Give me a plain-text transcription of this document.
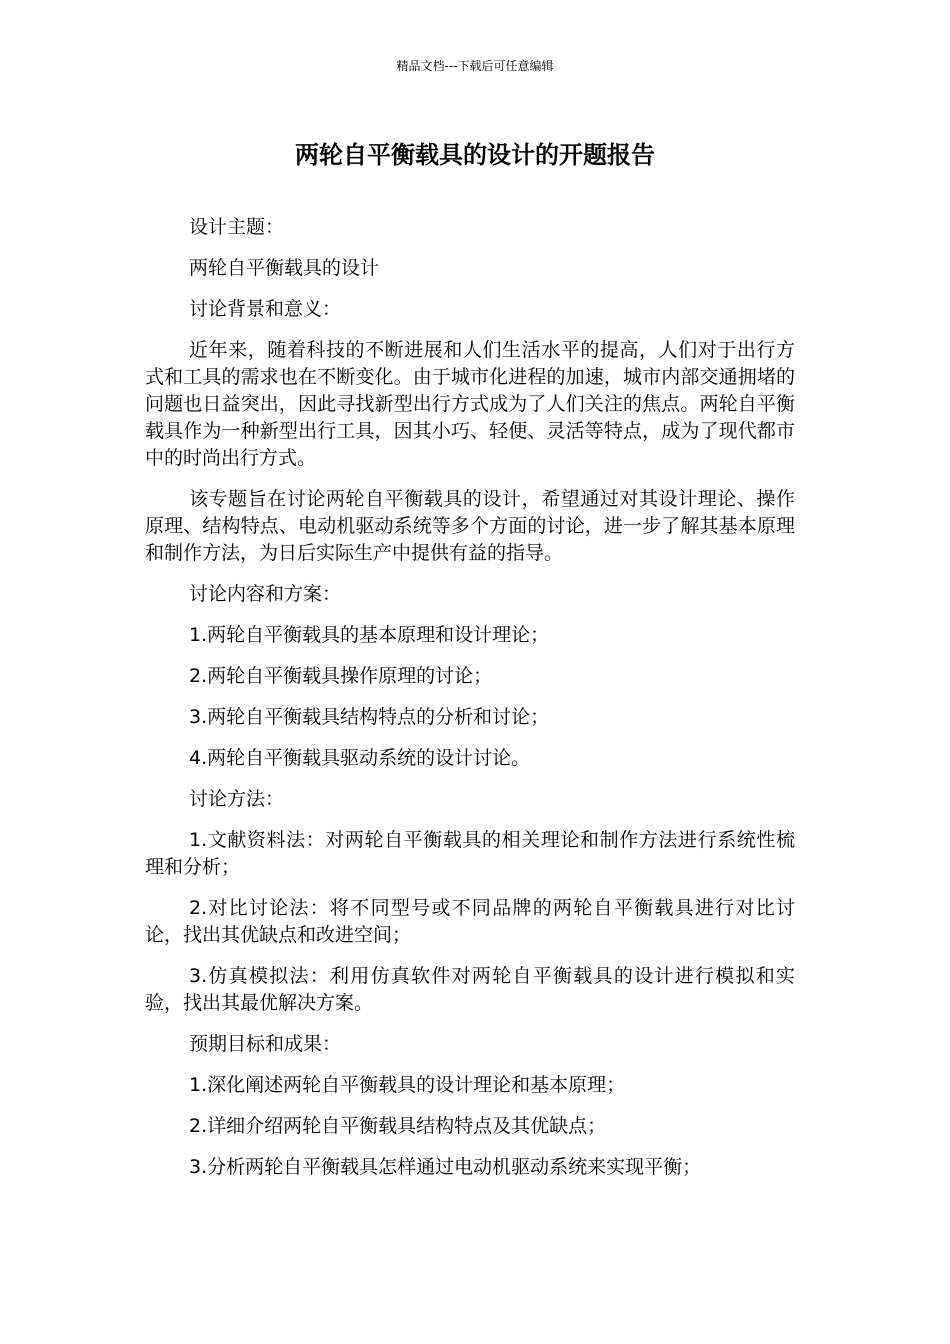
精品文档---下载后可任意编辑
两轮自平衡载具的设计的开题报告

设计主题：

两轮自平衡载具的设计

讨论背景和意义：

近年来，随着科技的不断进展和人们生活水平的提高，人们对于出行方式和工具的需求也在不断变化。由于城市化进程的加速，城市内部交通拥堵的问题也日益突出，因此寻找新型出行方式成为了人们关注的焦点。两轮自平衡载具作为一种新型出行工具，因其小巧、轻便、灵活等特点，成为了现代都市中的时尚出行方式。

该专题旨在讨论两轮自平衡载具的设计，希望通过对其设计理论、操作原理、结构特点、电动机驱动系统等多个方面的讨论，进一步了解其基本原理和制作方法，为日后实际生产中提供有益的指导。

讨论内容和方案：

1.两轮自平衡载具的基本原理和设计理论；

2.两轮自平衡载具操作原理的讨论；

3.两轮自平衡载具结构特点的分析和讨论；

4.两轮自平衡载具驱动系统的设计讨论。

讨论方法：

1.文献资料法：对两轮自平衡载具的相关理论和制作方法进行系统性梳理和分析；

2.对比讨论法：将不同型号或不同品牌的两轮自平衡载具进行对比讨论，找出其优缺点和改进空间；

3.仿真模拟法：利用仿真软件对两轮自平衡载具的设计进行模拟和实验，找出其最优解决方案。

预期目标和成果：

1.深化阐述两轮自平衡载具的设计理论和基本原理；

2.详细介绍两轮自平衡载具结构特点及其优缺点；

3.分析两轮自平衡载具怎样通过电动机驱动系统来实现平衡；
